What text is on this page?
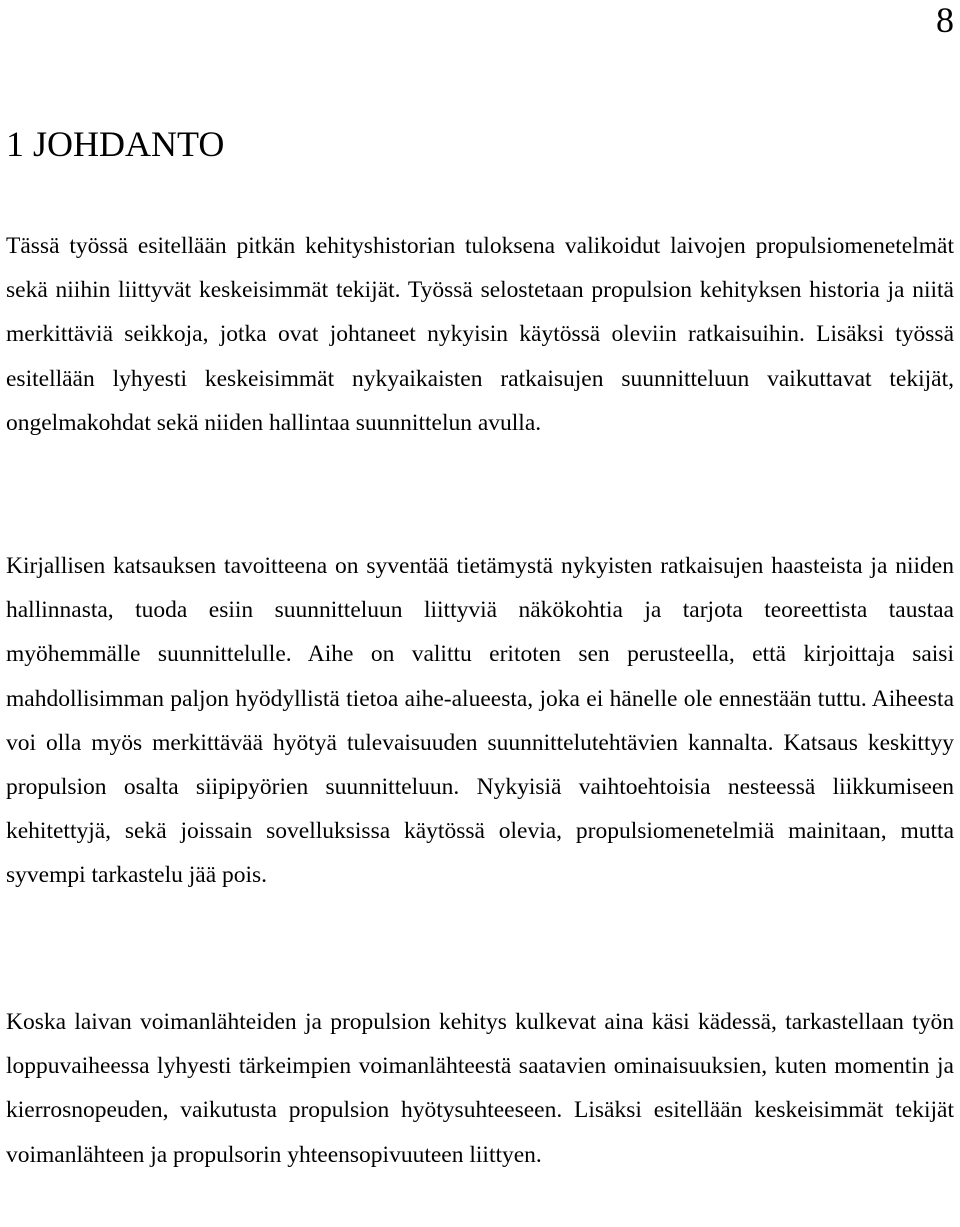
8
1 JOHDANTO

Tässä työssä esitellään pitkän kehityshistorian tuloksena valikoidut laivojen propulsiomenetelmät sekä niihin liittyvät keskeisimmät tekijät. Työssä selostetaan propulsion kehityksen historia ja niitä merkittäviä seikkoja, jotka ovat johtaneet nykyisin käytössä oleviin ratkaisuihin. Lisäksi työssä esitellään lyhyesti keskeisimmät nykyaikaisten ratkaisujen suunnitteluun vaikuttavat tekijät, ongelmakohdat sekä niiden hallintaa suunnittelun avulla.

Kirjallisen katsauksen tavoitteena on syventää tietämystä nykyisten ratkaisujen haasteista ja niiden hallinnasta, tuoda esiin suunnitteluun liittyviä näkökohtia ja tarjota teoreettista taustaa myöhemmälle suunnittelulle. Aihe on valittu eritoten sen perusteella, että kirjoittaja saisi mahdollisimman paljon hyödyllistä tietoa aihe-alueesta, joka ei hänelle ole ennestään tuttu. Aiheesta voi olla myös merkittävää hyötyä tulevaisuuden suunnittelutehtävien kannalta. Katsaus keskittyy propulsion osalta siipipyörien suunnitteluun. Nykyisiä vaihtoehtoisia nesteessä liikkumiseen kehitettyjä, sekä joissain sovelluksissa käytössä olevia, propulsiomenetelmiä mainitaan, mutta syvempi tarkastelu jää pois.

Koska laivan voimanlähteiden ja propulsion kehitys kulkevat aina käsi kädessä, tarkastellaan työn loppuvaiheessa lyhyesti tärkeimpien voimanlähteestä saatavien ominaisuuksien, kuten momentin ja kierrosnopeuden, vaikutusta propulsion hyötysuhteeseen. Lisäksi esitellään keskeisimmät tekijät voimanlähteen ja propulsorin yhteensopivuuteen liittyen.
